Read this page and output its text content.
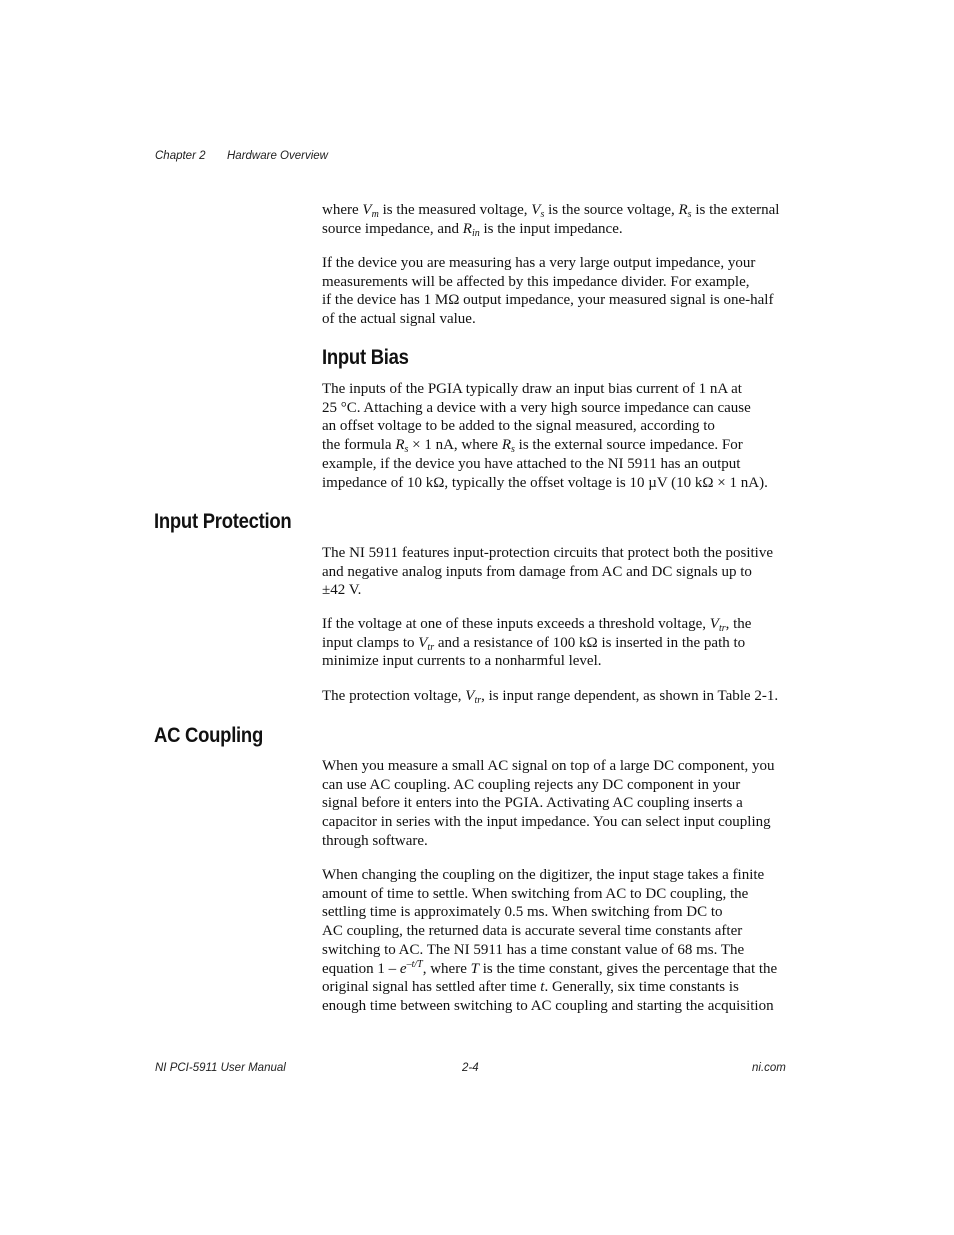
Chapter 2 Hardware Overview

where $V_m$ is the measured voltage, $V_s$ is the source voltage, $R_s$ is the external source impedance, and $R_{in}$ is the input impedance.

If the device you are measuring has a very large output impedance, your
measurements will be affected by this impedance divider. For example,
if the device has 1 MΩ output impedance, your measured signal is one-half
of the actual signal value.

Input Bias

The inputs of the PGIA typically draw an input bias current of 1 nA at
25 °C. Attaching a device with a very high source impedance can cause
an offset voltage to be added to the signal measured, according to
the formula $R_s \times 1$ nA, where $R_s$ is the external source impedance. For
example, if the device you have attached to the NI 5911 has an output
impedance of 10 kΩ, typically the offset voltage is 10 µV (10 kΩ × 1 nA).

Input Protection

The NI 5911 features input-protection circuits that protect both the positive
and negative analog inputs from damage from AC and DC signals up to
±42 V.

If the voltage at one of these inputs exceeds a threshold voltage, $V_{tr}$, the
input clamps to $V_{tr}$ and a resistance of 100 kΩ is inserted in the path to
minimize input currents to a nonharmful level.

The protection voltage, $V_{tr}$, is input range dependent, as shown in Table 2-1.

AC Coupling

When you measure a small AC signal on top of a large DC component, you
can use AC coupling. AC coupling rejects any DC component in your
signal before it enters into the PGIA. Activating AC coupling inserts a
capacitor in series with the input impedance. You can select input coupling
through software.

When changing the coupling on the digitizer, the input stage takes a finite
amount of time to settle. When switching from AC to DC coupling, the
settling time is approximately 0.5 ms. When switching from DC to
AC coupling, the returned data is accurate several time constants after
switching to AC. The NI 5911 has a time constant value of 68 ms. The
equation $1 - e^{-t/T}$, where T is the time constant, gives the percentage that the
original signal has settled after time t. Generally, six time constants is
enough time between switching to AC coupling and starting the acquisition

NI PCI-5911 User Manual	2-4	ni.com
